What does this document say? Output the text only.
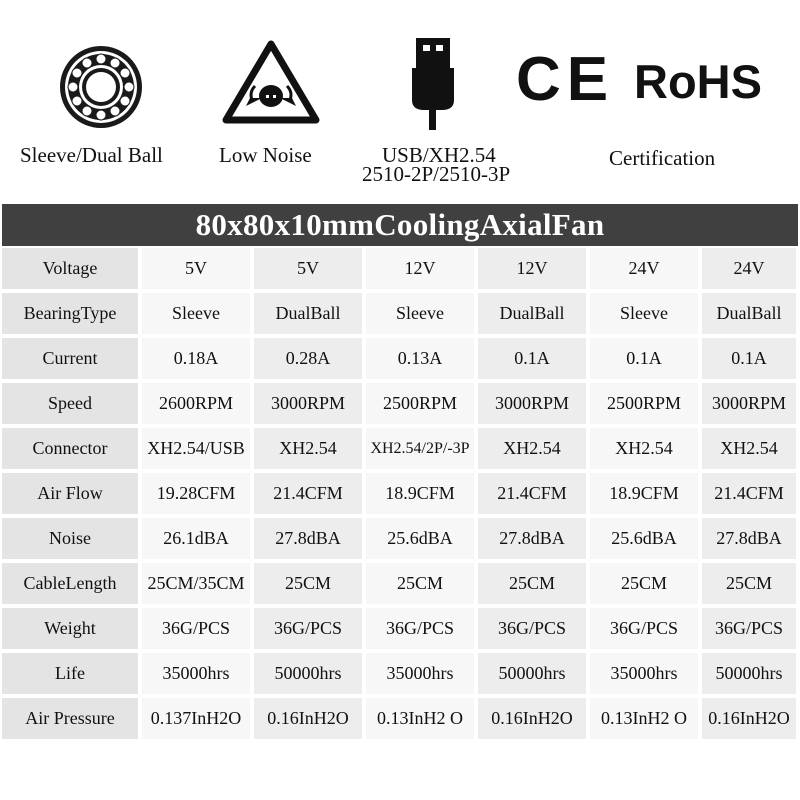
Sleeve/Dual Ball	Low Noise	USB/XH2.54
2510-2P/2510-3P
CE RoHS
Certification
80x80x10mmCoolingAxialFan
Voltage	5V	5V	12V	12V	24V	24V
BearingType	Sleeve	DualBall	Sleeve	DualBall	Sleeve	DualBall
Current	0.18A	0.28A	0.13A	0.1A	0.1A	0.1A
Speed	2600RPM	3000RPM	2500RPM	3000RPM	2500RPM	3000RPM
Connector	XH2.54/USB	XH2.54	XH2.54/2P/-3P	XH2.54	XH2.54	XH2.54
Air Flow	19.28CFM	21.4CFM	18.9CFM	21.4CFM	18.9CFM	21.4CFM
Noise	26.1dBA	27.8dBA	25.6dBA	27.8dBA	25.6dBA	27.8dBA
CableLength	25CM/35CM	25CM	25CM	25CM	25CM	25CM
Weight	36G/PCS	36G/PCS	36G/PCS	36G/PCS	36G/PCS	36G/PCS
Life	35000hrs	50000hrs	35000hrs	50000hrs	35000hrs	50000hrs
Air Pressure	0.137InH2O	0.16InH2O	0.13InH2 O	0.16InH2O	0.13InH2 O	0.16InH2O
